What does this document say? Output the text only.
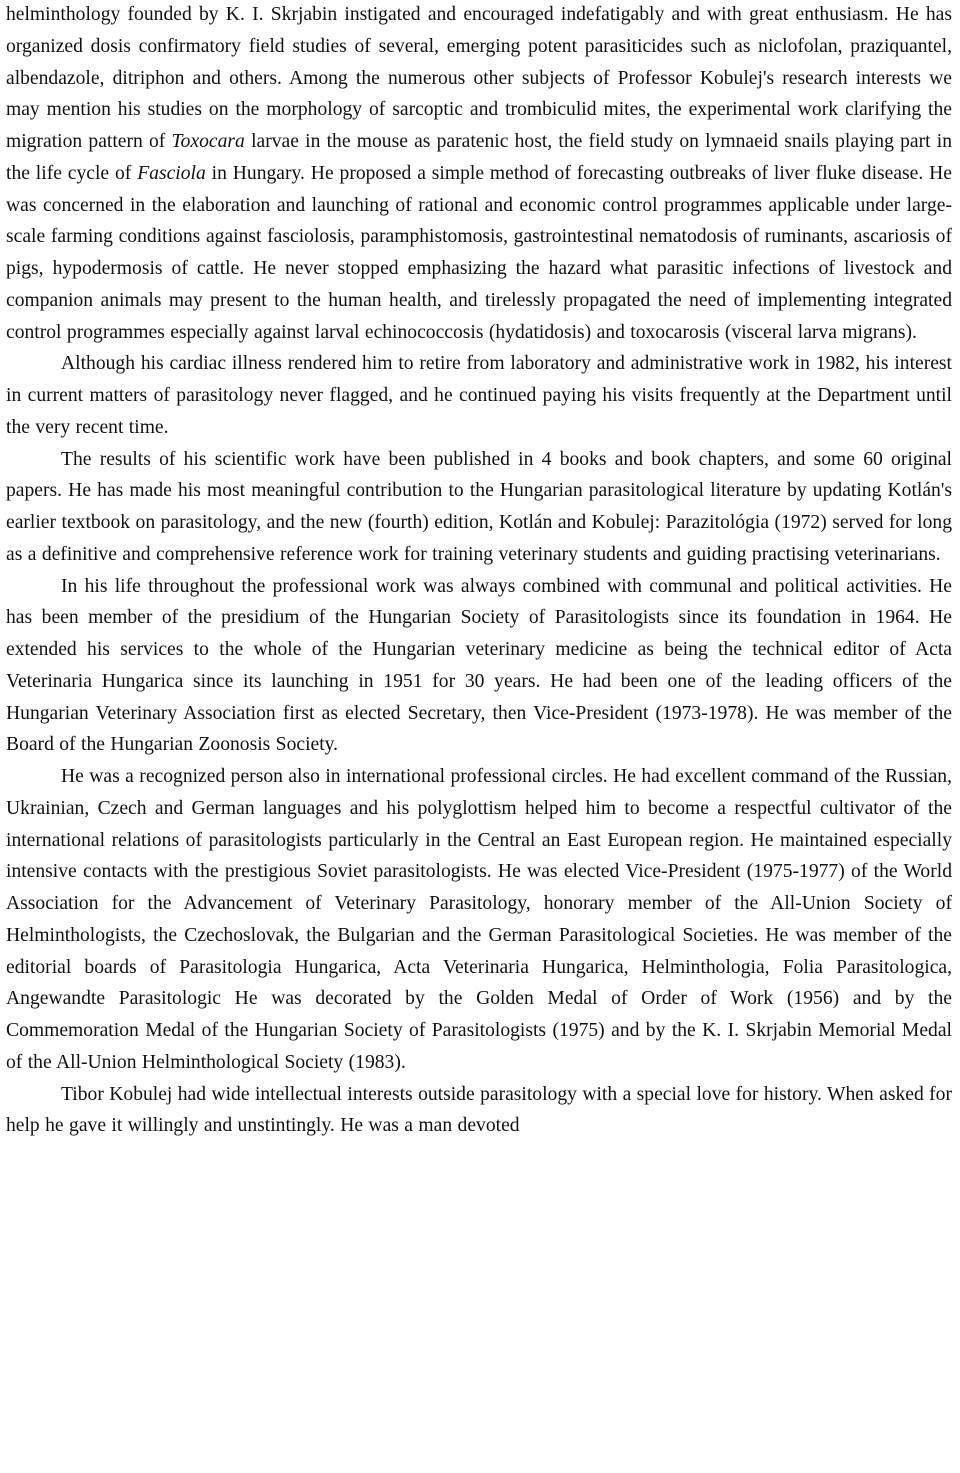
helminthology founded by K. I. Skrjabin instigated and encouraged indefatigably and with great enthusiasm. He has organized dosis confirmatory field studies of several, emerging potent parasiticides such as niclofolan, praziquantel, albendazole, ditriphon and others. Among the numerous other subjects of Professor Kobulej's research interests we may mention his studies on the morphology of sarcoptic and trombiculid mites, the experimental work clarifying the migration pattern of Toxocara larvae in the mouse as paratenic host, the field study on lymnaeid snails playing part in the life cycle of Fasciola in Hungary. He proposed a simple method of forecasting outbreaks of liver fluke disease. He was concerned in the elaboration and launching of rational and economic control programmes applicable under large-scale farming conditions against fasciolosis, paramphistomosis, gastrointestinal nematodosis of ruminants, ascariosis of pigs, hypodermosis of cattle. He never stopped emphasizing the hazard what parasitic infections of livestock and companion animals may present to the human health, and tirelessly propagated the need of implementing integrated control programmes especially against larval echinococcosis (hydatidosis) and toxocarosis (visceral larva migrans).

Although his cardiac illness rendered him to retire from laboratory and administrative work in 1982, his interest in current matters of parasitology never flagged, and he continued paying his visits frequently at the Department until the very recent time.

The results of his scientific work have been published in 4 books and book chapters, and some 60 original papers. He has made his most meaningful contribution to the Hungarian parasitological literature by updating Kotlán's earlier textbook on parasitology, and the new (fourth) edition, Kotlán and Kobulej: Parazitológia (1972) served for long as a definitive and comprehensive reference work for training veterinary students and guiding practising veterinarians.

In his life throughout the professional work was always combined with communal and political activities. He has been member of the presidium of the Hungarian Society of Parasitologists since its foundation in 1964. He extended his services to the whole of the Hungarian veterinary medicine as being the technical editor of Acta Veterinaria Hungarica since its launching in 1951 for 30 years. He had been one of the leading officers of the Hungarian Veterinary Association first as elected Secretary, then Vice-President (1973-1978). He was member of the Board of the Hungarian Zoonosis Society.

He was a recognized person also in international professional circles. He had excellent command of the Russian, Ukrainian, Czech and German languages and his polyglottism helped him to become a respectful cultivator of the international relations of parasitologists particularly in the Central an East European region. He maintained especially intensive contacts with the prestigious Soviet parasitologists. He was elected Vice-President (1975-1977) of the World Association for the Advancement of Veterinary Parasitology, honorary member of the All-Union Society of Helminthologists, the Czechoslovak, the Bulgarian and the German Parasitological Societies. He was member of the editorial boards of Parasitologia Hungarica, Acta Veterinaria Hungarica, Helminthologia, Folia Parasitologica, Angewandte Parasitologic He was decorated by the Golden Medal of Order of Work (1956) and by the Commemoration Medal of the Hungarian Society of Parasitologists (1975) and by the K. I. Skrjabin Memorial Medal of the All-Union Helminthological Society (1983).

Tibor Kobulej had wide intellectual interests outside parasitology with a special love for history. When asked for help he gave it willingly and unstintingly. He was a man devoted
